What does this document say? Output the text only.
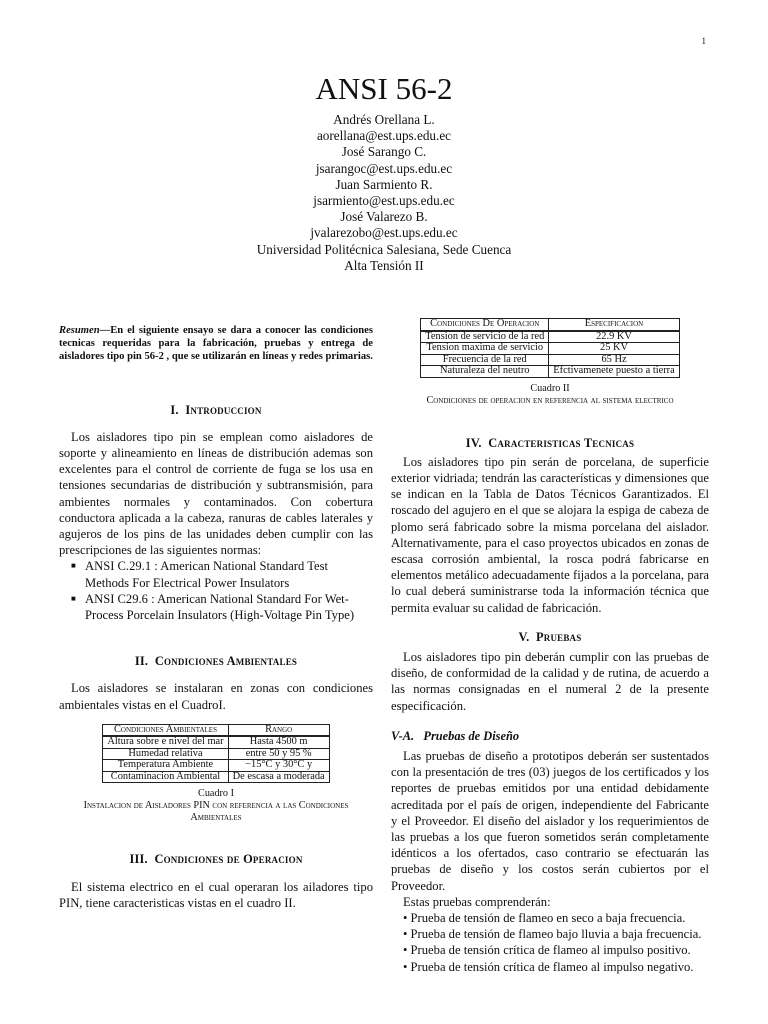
1
ANSI 56-2
Andrés Orellana L.
aorellana@est.ups.edu.ec
José Sarango C.
jsarangoc@est.ups.edu.ec
Juan Sarmiento R.
jsarmiento@est.ups.edu.ec
José Valarezo B.
jvalarezobo@est.ups.edu.ec
Universidad Politécnica Salesiana, Sede Cuenca
Alta Tensión II

Resumen—En el siguiente ensayo se dara a conocer las condiciones tecnicas requeridas para la fabricación, pruebas y entrega de aisladores tipo pin 56-2 , que se utilizarán en líneas y redes primarias.

I. Introduccion

Los aisladores tipo pin se emplean como aisladores de soporte y alineamiento en líneas de distribución ademas son excelentes para el control de corriente de fuga se los usa en tensiones secundarias de distribución y subtransmisión, para ambientes normales y contaminados. Con cobertura conductora aplicada a la cabeza, ranuras de cables laterales y agujeros de los pins de las unidades deben cumplir con las prescripciones de las siguientes normas:

■ ANSI C.29.1 : American National Standard Test Methods For Electrical Power Insulators
■ ANSI C29.6 : American National Standard For Wet-Process Porcelain Insulators (High-Voltage Pin Type)
II. Condiciones Ambientales

Los aisladores se instalaran en zonas con condiciones ambientales vistas en el CuadroI.

Condiciones Ambientales	Rango
Altura sobre e nivel del mar	Hasta 4500 m
Humedad relativa	entre 50 y 95 %
Temperatura Ambiente	−15°C y 30°C y
Contaminacion Ambiental	De escasa a moderada

Cuadro I

Instalacion de Aisladores PIN con referencia a las Condiciones Ambientales

III. Condiciones de Operacion

El sistema electrico en el cual operaran los ailadores tipo PIN, tiene caracteristicas vistas en el cuadro II.

Condiciones De Operacion	Especificacion
Tension de servicio de la red	22.9 KV
Tension maxima de servicio	25 KV
Frecuencia de la red	65 Hz
Naturaleza del neutro	Efctivamenete puesto a tierra

Cuadro II

Condiciones de operacion en referencia al sistema electrico

IV. Caracteristicas Tecnicas

Los aisladores tipo pin serán de porcelana, de superficie exterior vidriada; tendrán las características y dimensiones que se indican en la Tabla de Datos Técnicos Garantizados. El roscado del agujero en el que se alojara la espiga de cabeza de plomo será fabricado sobre la misma porcelana del aislador. Alternativamente, para el caso proyectos ubicados en zonas de escasa corrosión ambiental, la rosca podrá fabricarse en elementos metálico adecuadamente fijados a la porcelana, para lo cual deberá suministrarse toda la información técnica que permita evaluar su calidad de fabricación.

V. Pruebas

Los aisladores tipo pin deberán cumplir con las pruebas de diseño, de conformidad de la calidad y de rutina, de acuerdo a las normas consignadas en el numeral 2 de la presente especificación.

V-A. Pruebas de Diseño

Las pruebas de diseño a prototipos deberán ser sustentados con la presentación de tres (03) juegos de los certificados y los reportes de pruebas emitidos por una entidad debidamente acreditada por el país de origen, independiente del Fabricante y el Proveedor. El diseño del aislador y los requerimientos de las pruebas a los que fueron sometidos serán completamente idénticos a los ofertados, caso contrario se efectuarán las pruebas de diseño y los costos serán cubiertos por el Proveedor.

Estas pruebas comprenderán:

• Prueba de tensión de flameo en seco a baja frecuencia.

• Prueba de tensión de flameo bajo lluvia a baja frecuencia.

• Prueba de tensión crítica de flameo al impulso positivo.

• Prueba de tensión crítica de flameo al impulso negativo.
